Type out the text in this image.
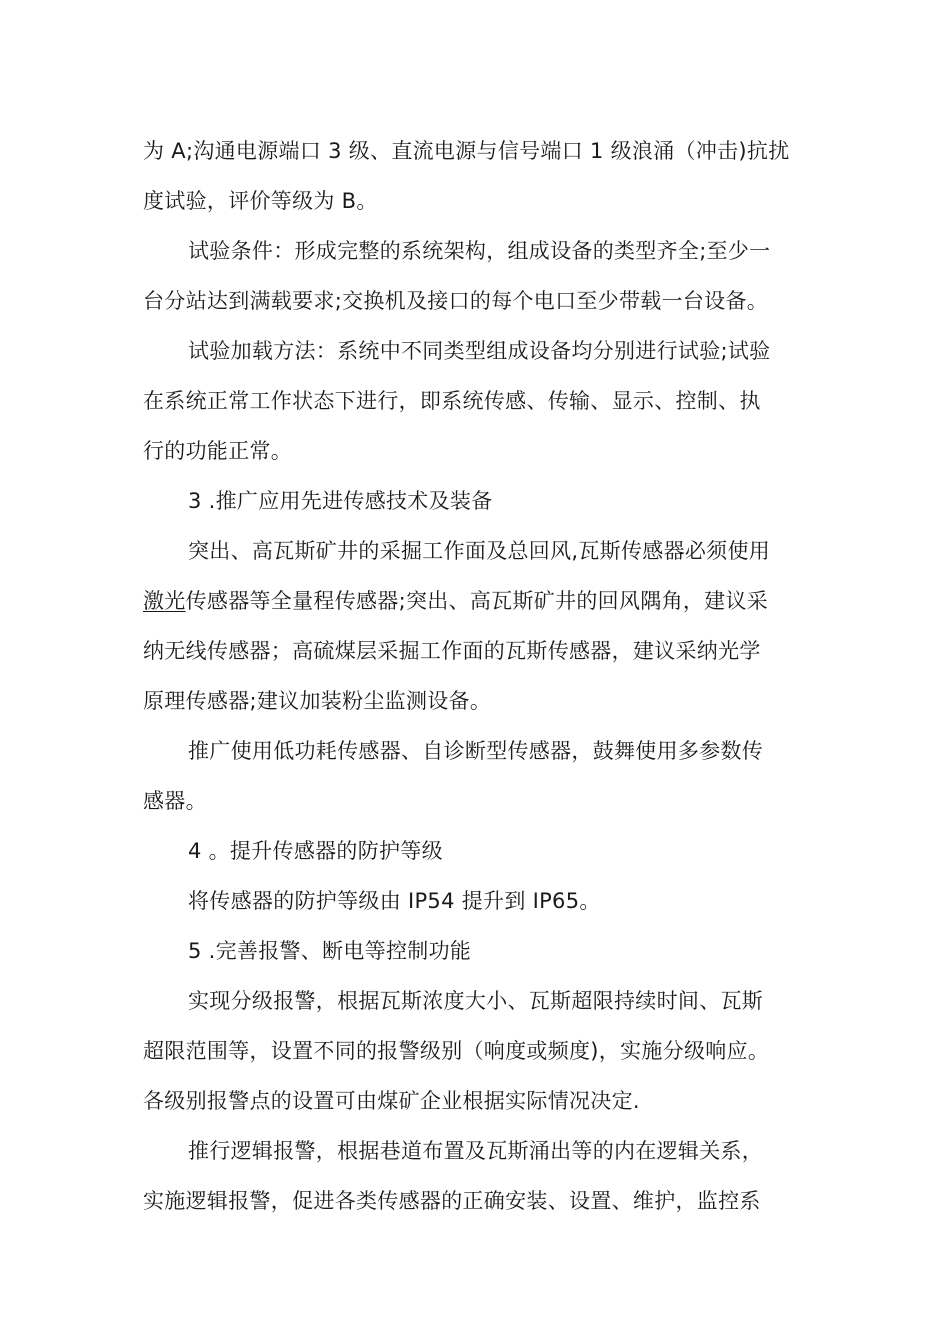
为 A;沟通电源端口 3 级、直流电源与信号端口 1 级浪涌（冲击)抗扰
度试验，评价等级为 B。
试验条件：形成完整的系统架构，组成设备的类型齐全;至少一
台分站达到满载要求;交换机及接口的每个电口至少带载一台设备。
试验加载方法：系统中不同类型组成设备均分别进行试验;试验
在系统正常工作状态下进行，即系统传感、传输、显示、控制、执
行的功能正常。
3 .推广应用先进传感技术及装备
突出、高瓦斯矿井的采掘工作面及总回风,瓦斯传感器必须使用
激光传感器等全量程传感器;突出、高瓦斯矿井的回风隅角，建议采
纳无线传感器；高硫煤层采掘工作面的瓦斯传感器，建议采纳光学
原理传感器;建议加装粉尘监测设备。
推广使用低功耗传感器、自诊断型传感器，鼓舞使用多参数传
感器。
4 。提升传感器的防护等级
将传感器的防护等级由 IP54 提升到 IP65。
5 .完善报警、断电等控制功能
实现分级报警，根据瓦斯浓度大小、瓦斯超限持续时间、瓦斯
超限范围等，设置不同的报警级别（响度或频度)，实施分级响应。
各级别报警点的设置可由煤矿企业根据实际情况决定.
推行逻辑报警，根据巷道布置及瓦斯涌出等的内在逻辑关系，
实施逻辑报警，促进各类传感器的正确安装、设置、维护，监控系
